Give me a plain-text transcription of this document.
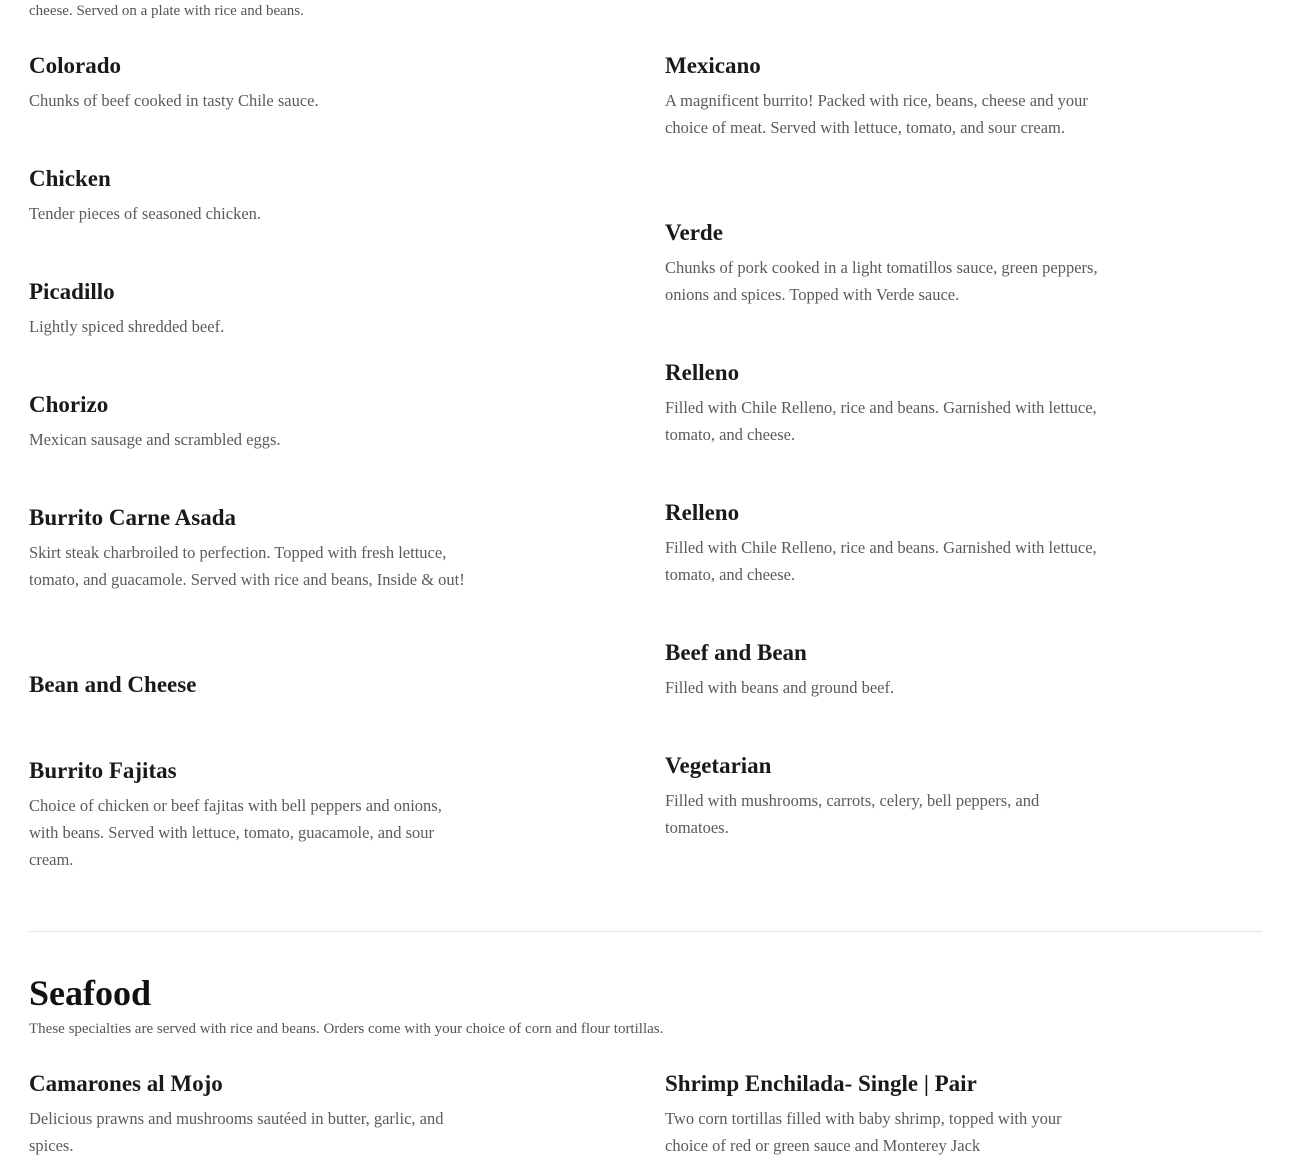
cheese. Served on a plate with rice and beans.

Colorado

Chunks of beef cooked in tasty Chile sauce.

Chicken

Tender pieces of seasoned chicken.

Picadillo

Lightly spiced shredded beef.

Chorizo

Mexican sausage and scrambled eggs.

Burrito Carne Asada

Skirt steak charbroiled to perfection. Topped with fresh lettuce, tomato, and guacamole. Served with rice and beans, Inside & out!

Bean and Cheese

Burrito Fajitas

Choice of chicken or beef fajitas with bell peppers and onions, with beans. Served with lettuce, tomato, guacamole, and sour cream.

Mexicano

A magnificent burrito! Packed with rice, beans, cheese and your choice of meat. Served with lettuce, tomato, and sour cream.

Verde

Chunks of pork cooked in a light tomatillos sauce, green peppers, onions and spices. Topped with Verde sauce.

Relleno

Filled with Chile Relleno, rice and beans. Garnished with lettuce, tomato, and cheese.

Relleno

Filled with Chile Relleno, rice and beans. Garnished with lettuce, tomato, and cheese.

Beef and Bean

Filled with beans and ground beef.

Vegetarian

Filled with mushrooms, carrots, celery, bell peppers, and tomatoes.

Seafood

These specialties are served with rice and beans. Orders come with your choice of corn and flour tortillas.

Camarones al Mojo

Delicious prawns and mushrooms sautéed in butter, garlic, and spices.

Shrimp Enchilada- Single | Pair

Two corn tortillas filled with baby shrimp, topped with your choice of red or green sauce and Monterey Jack
